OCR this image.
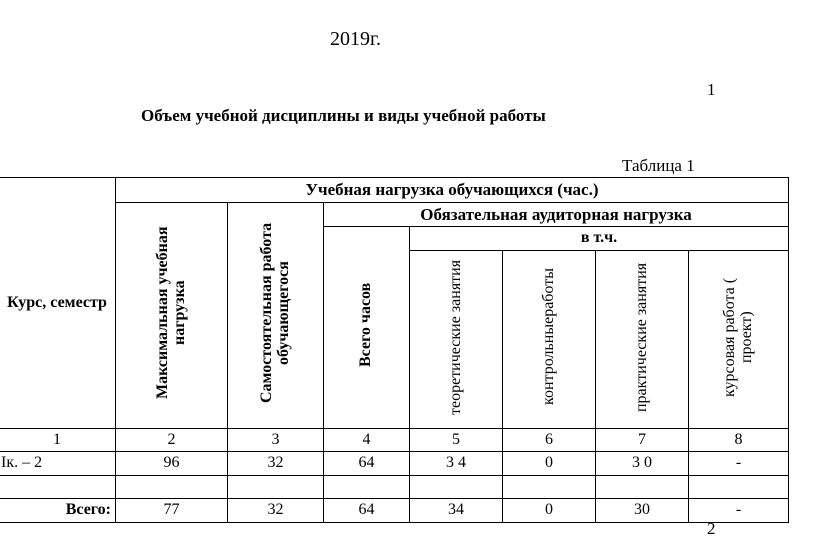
2019г.
1
Объем учебной дисциплины и виды учебной работы
Таблица 1
Курс, семестр	Учебная нагрузка обучающихся (час.)						
	Максимальная учебная нагрузка	Самостоятельная работа обучающегося	Обязательная аудиторная нагрузка				
			Всего часов	в т.ч.			
				теоретические занятия	контрольныеработы	практические занятия	курсовая работа ( проект)
1	2	3	4	5	6	7	8
Iк. – 2	96	32	64	3 4	0	3 0	-

Всего:	77	32	64	34	0	30	-
2
